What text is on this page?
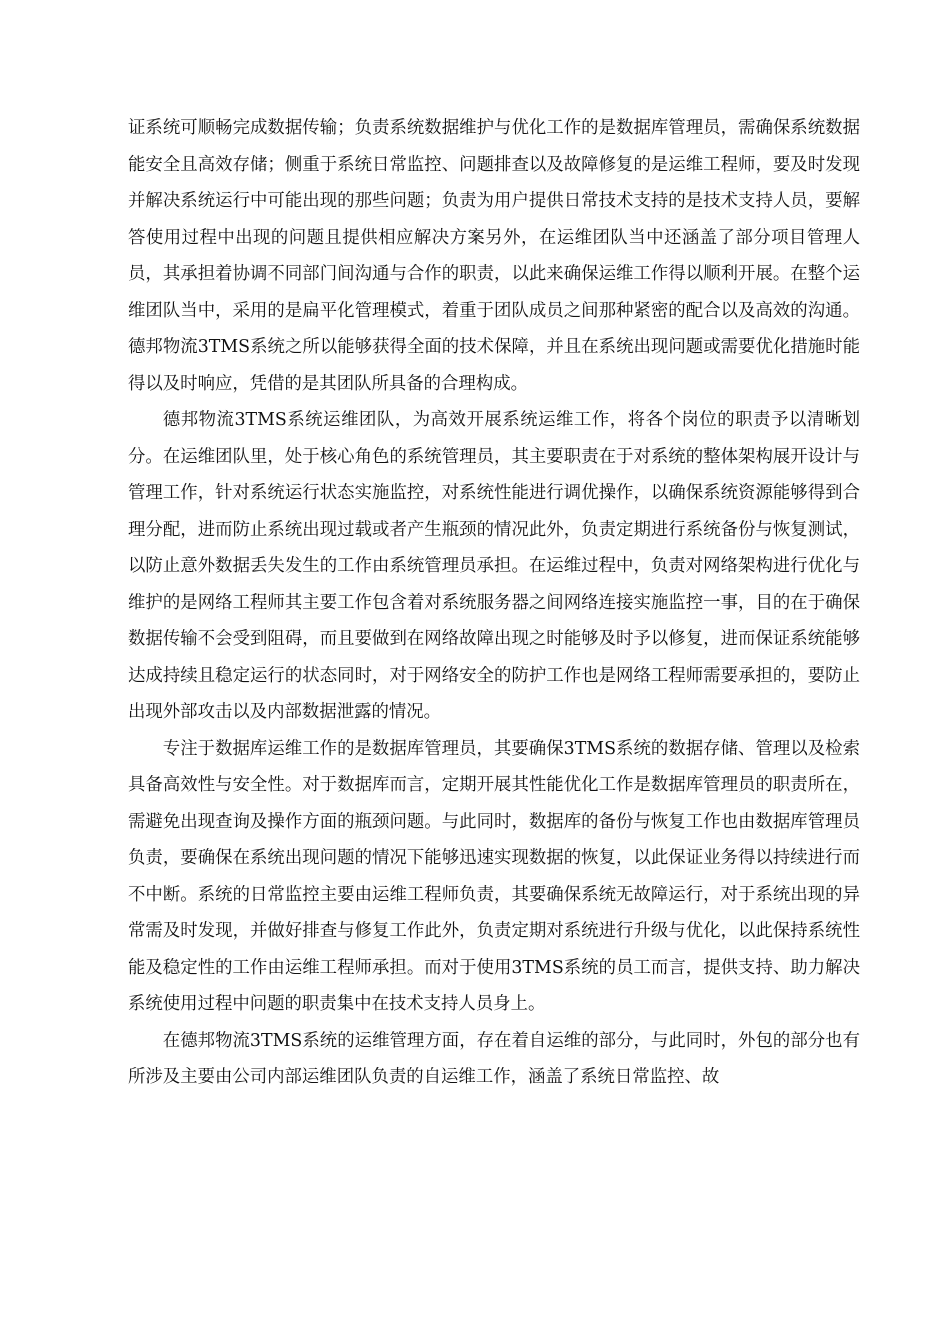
证系统可顺畅完成数据传输；负责系统数据维护与优化工作的是数据库管理员，需确保系统数据能安全且高效存储；侧重于系统日常监控、问题排查以及故障修复的是运维工程师，要及时发现并解决系统运行中可能出现的那些问题；负责为用户提供日常技术支持的是技术支持人员，要解答使用过程中出现的问题且提供相应解决方案另外，在运维团队当中还涵盖了部分项目管理人员，其承担着协调不同部门间沟通与合作的职责，以此来确保运维工作得以顺利开展。在整个运维团队当中，采用的是扁平化管理模式，着重于团队成员之间那种紧密的配合以及高效的沟通。德邦物流3TMS系统之所以能够获得全面的技术保障，并且在系统出现问题或需要优化措施时能得以及时响应，凭借的是其团队所具备的合理构成。

德邦物流3TMS系统运维团队，为高效开展系统运维工作，将各个岗位的职责予以清晰划分。在运维团队里，处于核心角色的系统管理员，其主要职责在于对系统的整体架构展开设计与管理工作，针对系统运行状态实施监控，对系统性能进行调优操作，以确保系统资源能够得到合理分配，进而防止系统出现过载或者产生瓶颈的情况此外，负责定期进行系统备份与恢复测试，以防止意外数据丢失发生的工作由系统管理员承担。在运维过程中，负责对网络架构进行优化与维护的是网络工程师其主要工作包含着对系统服务器之间网络连接实施监控一事，目的在于确保数据传输不会受到阻碍，而且要做到在网络故障出现之时能够及时予以修复，进而保证系统能够达成持续且稳定运行的状态同时，对于网络安全的防护工作也是网络工程师需要承担的，要防止出现外部攻击以及内部数据泄露的情况。

专注于数据库运维工作的是数据库管理员，其要确保3TMS系统的数据存储、管理以及检索具备高效性与安全性。对于数据库而言，定期开展其性能优化工作是数据库管理员的职责所在，需避免出现查询及操作方面的瓶颈问题。与此同时，数据库的备份与恢复工作也由数据库管理员负责，要确保在系统出现问题的情况下能够迅速实现数据的恢复，以此保证业务得以持续进行而不中断。系统的日常监控主要由运维工程师负责，其要确保系统无故障运行，对于系统出现的异常需及时发现，并做好排查与修复工作此外，负责定期对系统进行升级与优化，以此保持系统性能及稳定性的工作由运维工程师承担。而对于使用3TMS系统的员工而言，提供支持、助力解决系统使用过程中问题的职责集中在技术支持人员身上。

在德邦物流3TMS系统的运维管理方面，存在着自运维的部分，与此同时，外包的部分也有所涉及主要由公司内部运维团队负责的自运维工作，涵盖了系统日常监控、故
